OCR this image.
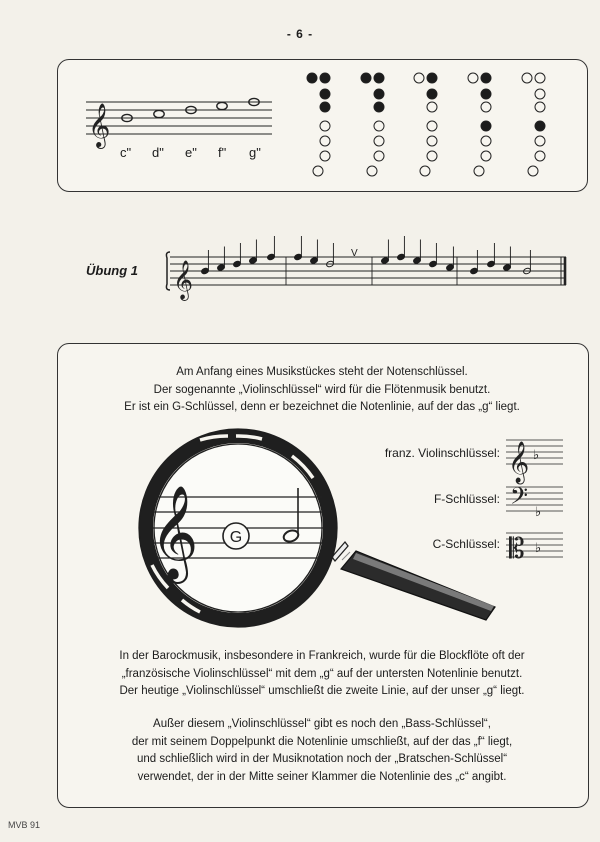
- 6 -
𝄞
c" d" e" f" g"
Übung 1 𝄞
V
Am Anfang eines Musikstückes steht der Notenschlüssel.
Der sogenannte „Violinschlüssel“ wird für die Flötenmusik benutzt.
Er ist ein G-Schlüssel, denn er bezeichnet die Notenlinie, auf der das „g“ liegt.
𝄞 G
franz. Violinschlüssel:
F-Schlüssel:
C-Schlüssel:
𝄞 ♭
𝄢 ♭
𝄡 ♭
In der Barockmusik, insbesondere in Frankreich, wurde für die Blockflöte oft der
„französische Violinschlüssel“ mit dem „g“ auf der untersten Notenlinie benutzt.
Der heutige „Violinschlüssel“ umschließt die zweite Linie, auf der unser „g“ liegt.
Außer diesem „Violinschlüssel“ gibt es noch den „Bass-Schlüssel“,
der mit seinem Doppelpunkt die Notenlinie umschließt, auf der das „f“ liegt,
und schließlich wird in der Musiknotation noch der „Bratschen-Schlüssel“
verwendet, der in der Mitte seiner Klammer die Notenlinie des „c“ angibt.
MVB 91
